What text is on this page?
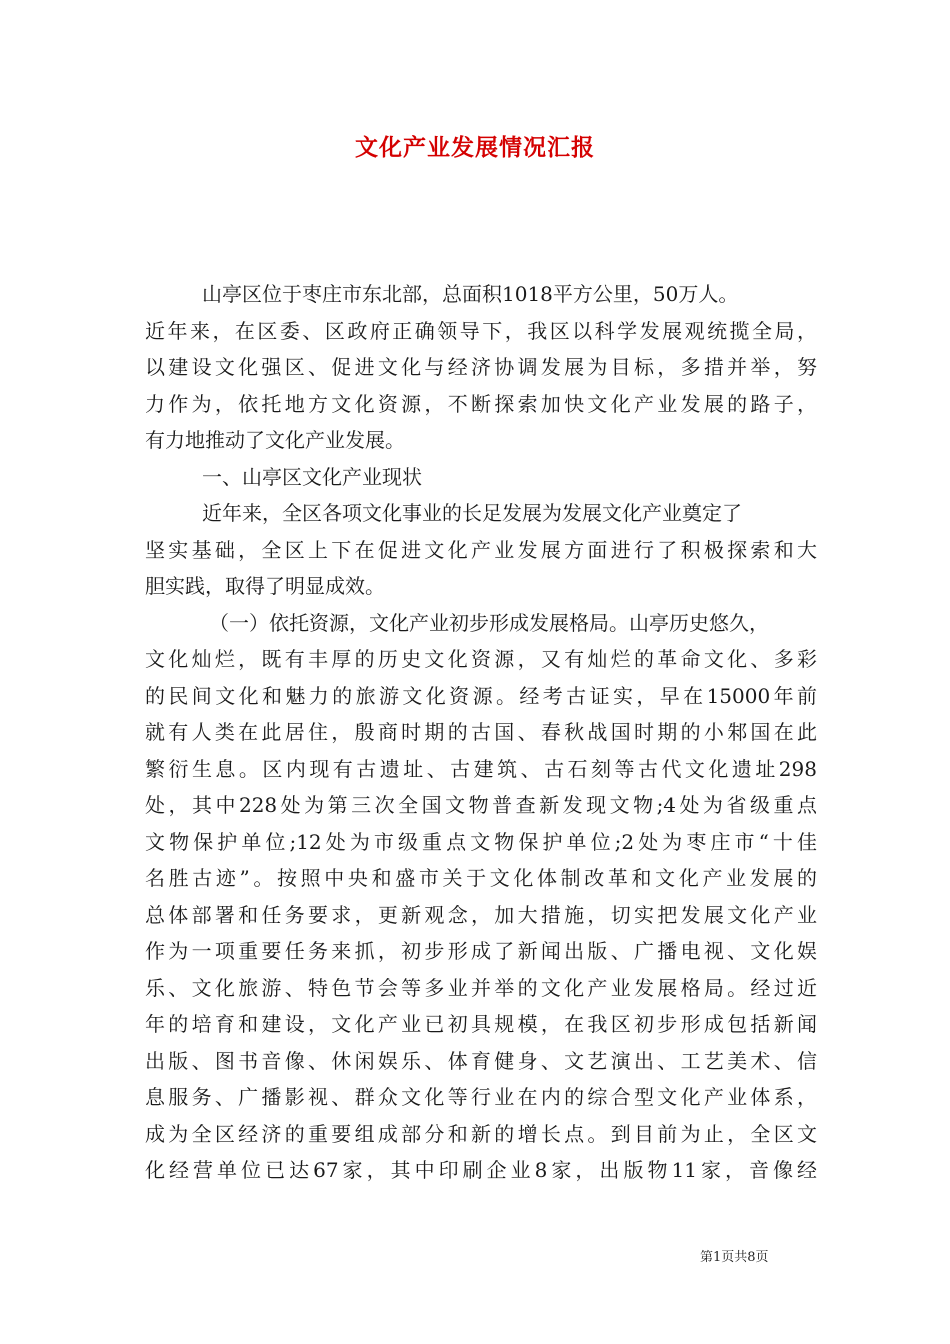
文化产业发展情况汇报
山亭区位于枣庄市东北部，总面积1018平方公里，50万人。
近年来，在区委、区政府正确领导下，我区以科学发展观统揽全局，
以建设文化强区、促进文化与经济协调发展为目标，多措并举，努
力作为，依托地方文化资源，不断探索加快文化产业发展的路子，
有力地推动了文化产业发展。
一、山亭区文化产业现状
近年来，全区各项文化事业的长足发展为发展文化产业奠定了
坚实基础，全区上下在促进文化产业发展方面进行了积极探索和大
胆实践，取得了明显成效。
（一）依托资源，文化产业初步形成发展格局。山亭历史悠久，
文化灿烂，既有丰厚的历史文化资源，又有灿烂的革命文化、多彩
的民间文化和魅力的旅游文化资源。经考古证实，早在15000年前
就有人类在此居住，殷商时期的古国、春秋战国时期的小邾国在此
繁衍生息。区内现有古遗址、古建筑、古石刻等古代文化遗址298
处，其中228处为第三次全国文物普查新发现文物;4处为省级重点
文物保护单位;12处为市级重点文物保护单位;2处为枣庄市“十佳
名胜古迹”。按照中央和盛市关于文化体制改革和文化产业发展的
总体部署和任务要求，更新观念，加大措施，切实把发展文化产业
作为一项重要任务来抓，初步形成了新闻出版、广播电视、文化娱
乐、文化旅游、特色节会等多业并举的文化产业发展格局。经过近
年的培育和建设，文化产业已初具规模，在我区初步形成包括新闻
出版、图书音像、休闲娱乐、体育健身、文艺演出、工艺美术、信
息服务、广播影视、群众文化等行业在内的综合型文化产业体系，
成为全区经济的重要组成部分和新的增长点。到目前为止，全区文
化经营单位已达67家，其中印刷企业8家，出版物11家，音像经
第1页共8页
